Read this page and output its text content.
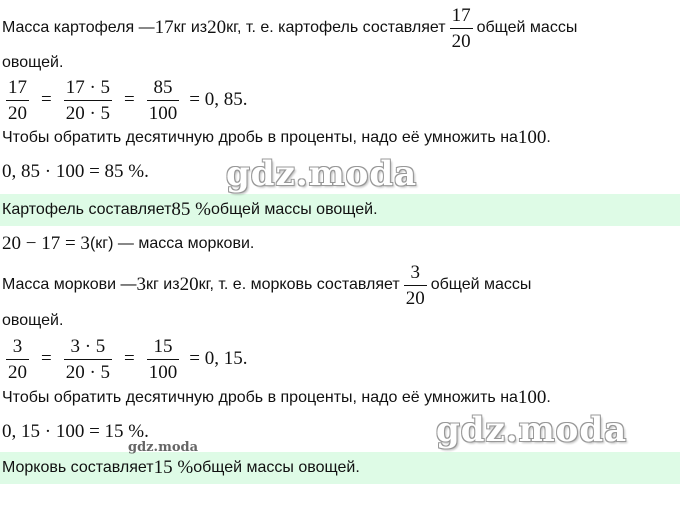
Масса картофеля — 17 кг из 20 кг, т. е. картофель составляет $\frac{17}{20}$ общей массы
овощей.
$\frac{17}{20} = \frac{17 \cdot 5}{20 \cdot 5} = \frac{85}{100} = 0$, 85.
Чтобы обратить десятичную дробь в проценты, надо её умножить на 100 .
0, 85 · 100 = 85 %.
Картофель составляет 85 % общей массы овощей.
20 − 17 = 3 (кг) — масса моркови.
Масса моркови — 3 кг из 20 кг, т. е. морковь составляет $\frac{3}{20}$ общей массы
овощей.
$\frac{3}{20} = \frac{3 \cdot 5}{20 \cdot 5} = \frac{15}{100} = 0$, 15.
Чтобы обратить десятичную дробь в проценты, надо её умножить на 100 .
0, 15 · 100 = 15 %.
Морковь составляет 15 % общей массы овощей.
gdz.moda
gdz.moda
gdz.moda
